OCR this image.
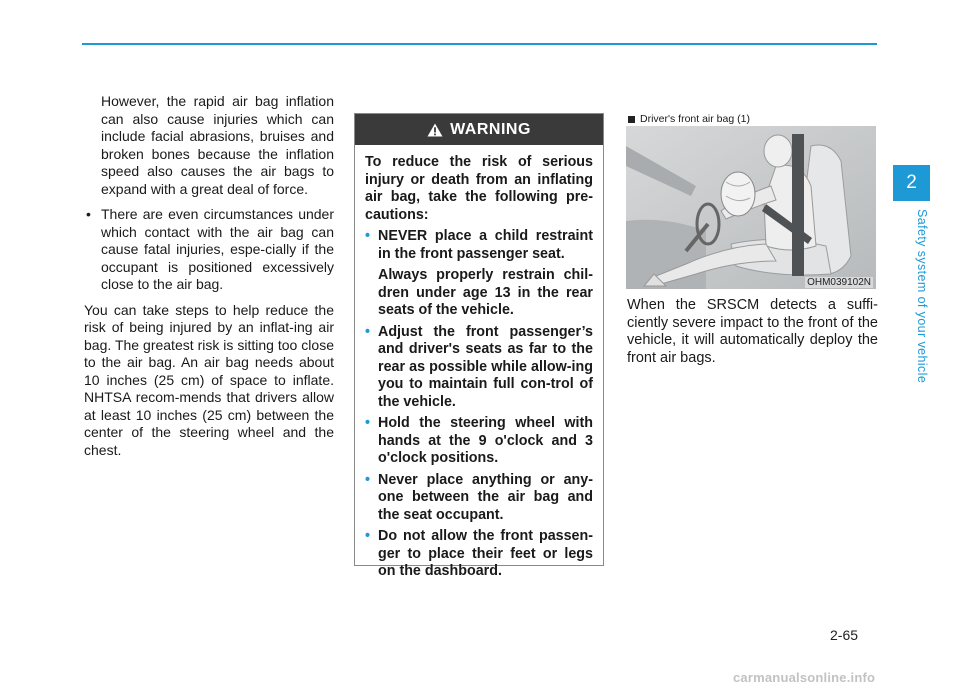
2
Safety system of your vehicle

However, the rapid air bag inflation can also cause injuries which can include facial abrasions, bruises and broken bones because the inflation speed also causes the air bags to expand with a great deal of force.

• There are even circumstances under which contact with the air bag can cause fatal injuries, espe-cially if the occupant is positioned excessively close to the air bag.

You can take steps to help reduce the risk of being injured by an inflat-ing air bag. The greatest risk is sitting too close to the air bag. An air bag needs about 10 inches (25 cm) of space to inflate. NHTSA recom-mends that drivers allow at least 10 inches (25 cm) between the center of the steering wheel and the chest.

WARNING

To reduce the risk of serious injury or death from an inflating air bag, take the following pre-cautions:

• NEVER place a child restraint in the front passenger seat.

Always properly restrain chil-dren under age 13 in the rear seats of the vehicle.

• Adjust the front passenger’s and driver's seats as far to the rear as possible while allow-ing you to maintain full con-trol of the vehicle.

• Hold the steering wheel with hands at the 9 o'clock and 3 o'clock positions.

• Never place anything or any-one between the air bag and the seat occupant.

• Do not allow the front passen-ger to place their feet or legs on the dashboard.

Driver's front air bag (1)
OHM039102N

When the SRSCM detects a suffi-ciently severe impact to the front of the vehicle, it will automatically deploy the front air bags.

2-65
carmanualsonline.info
